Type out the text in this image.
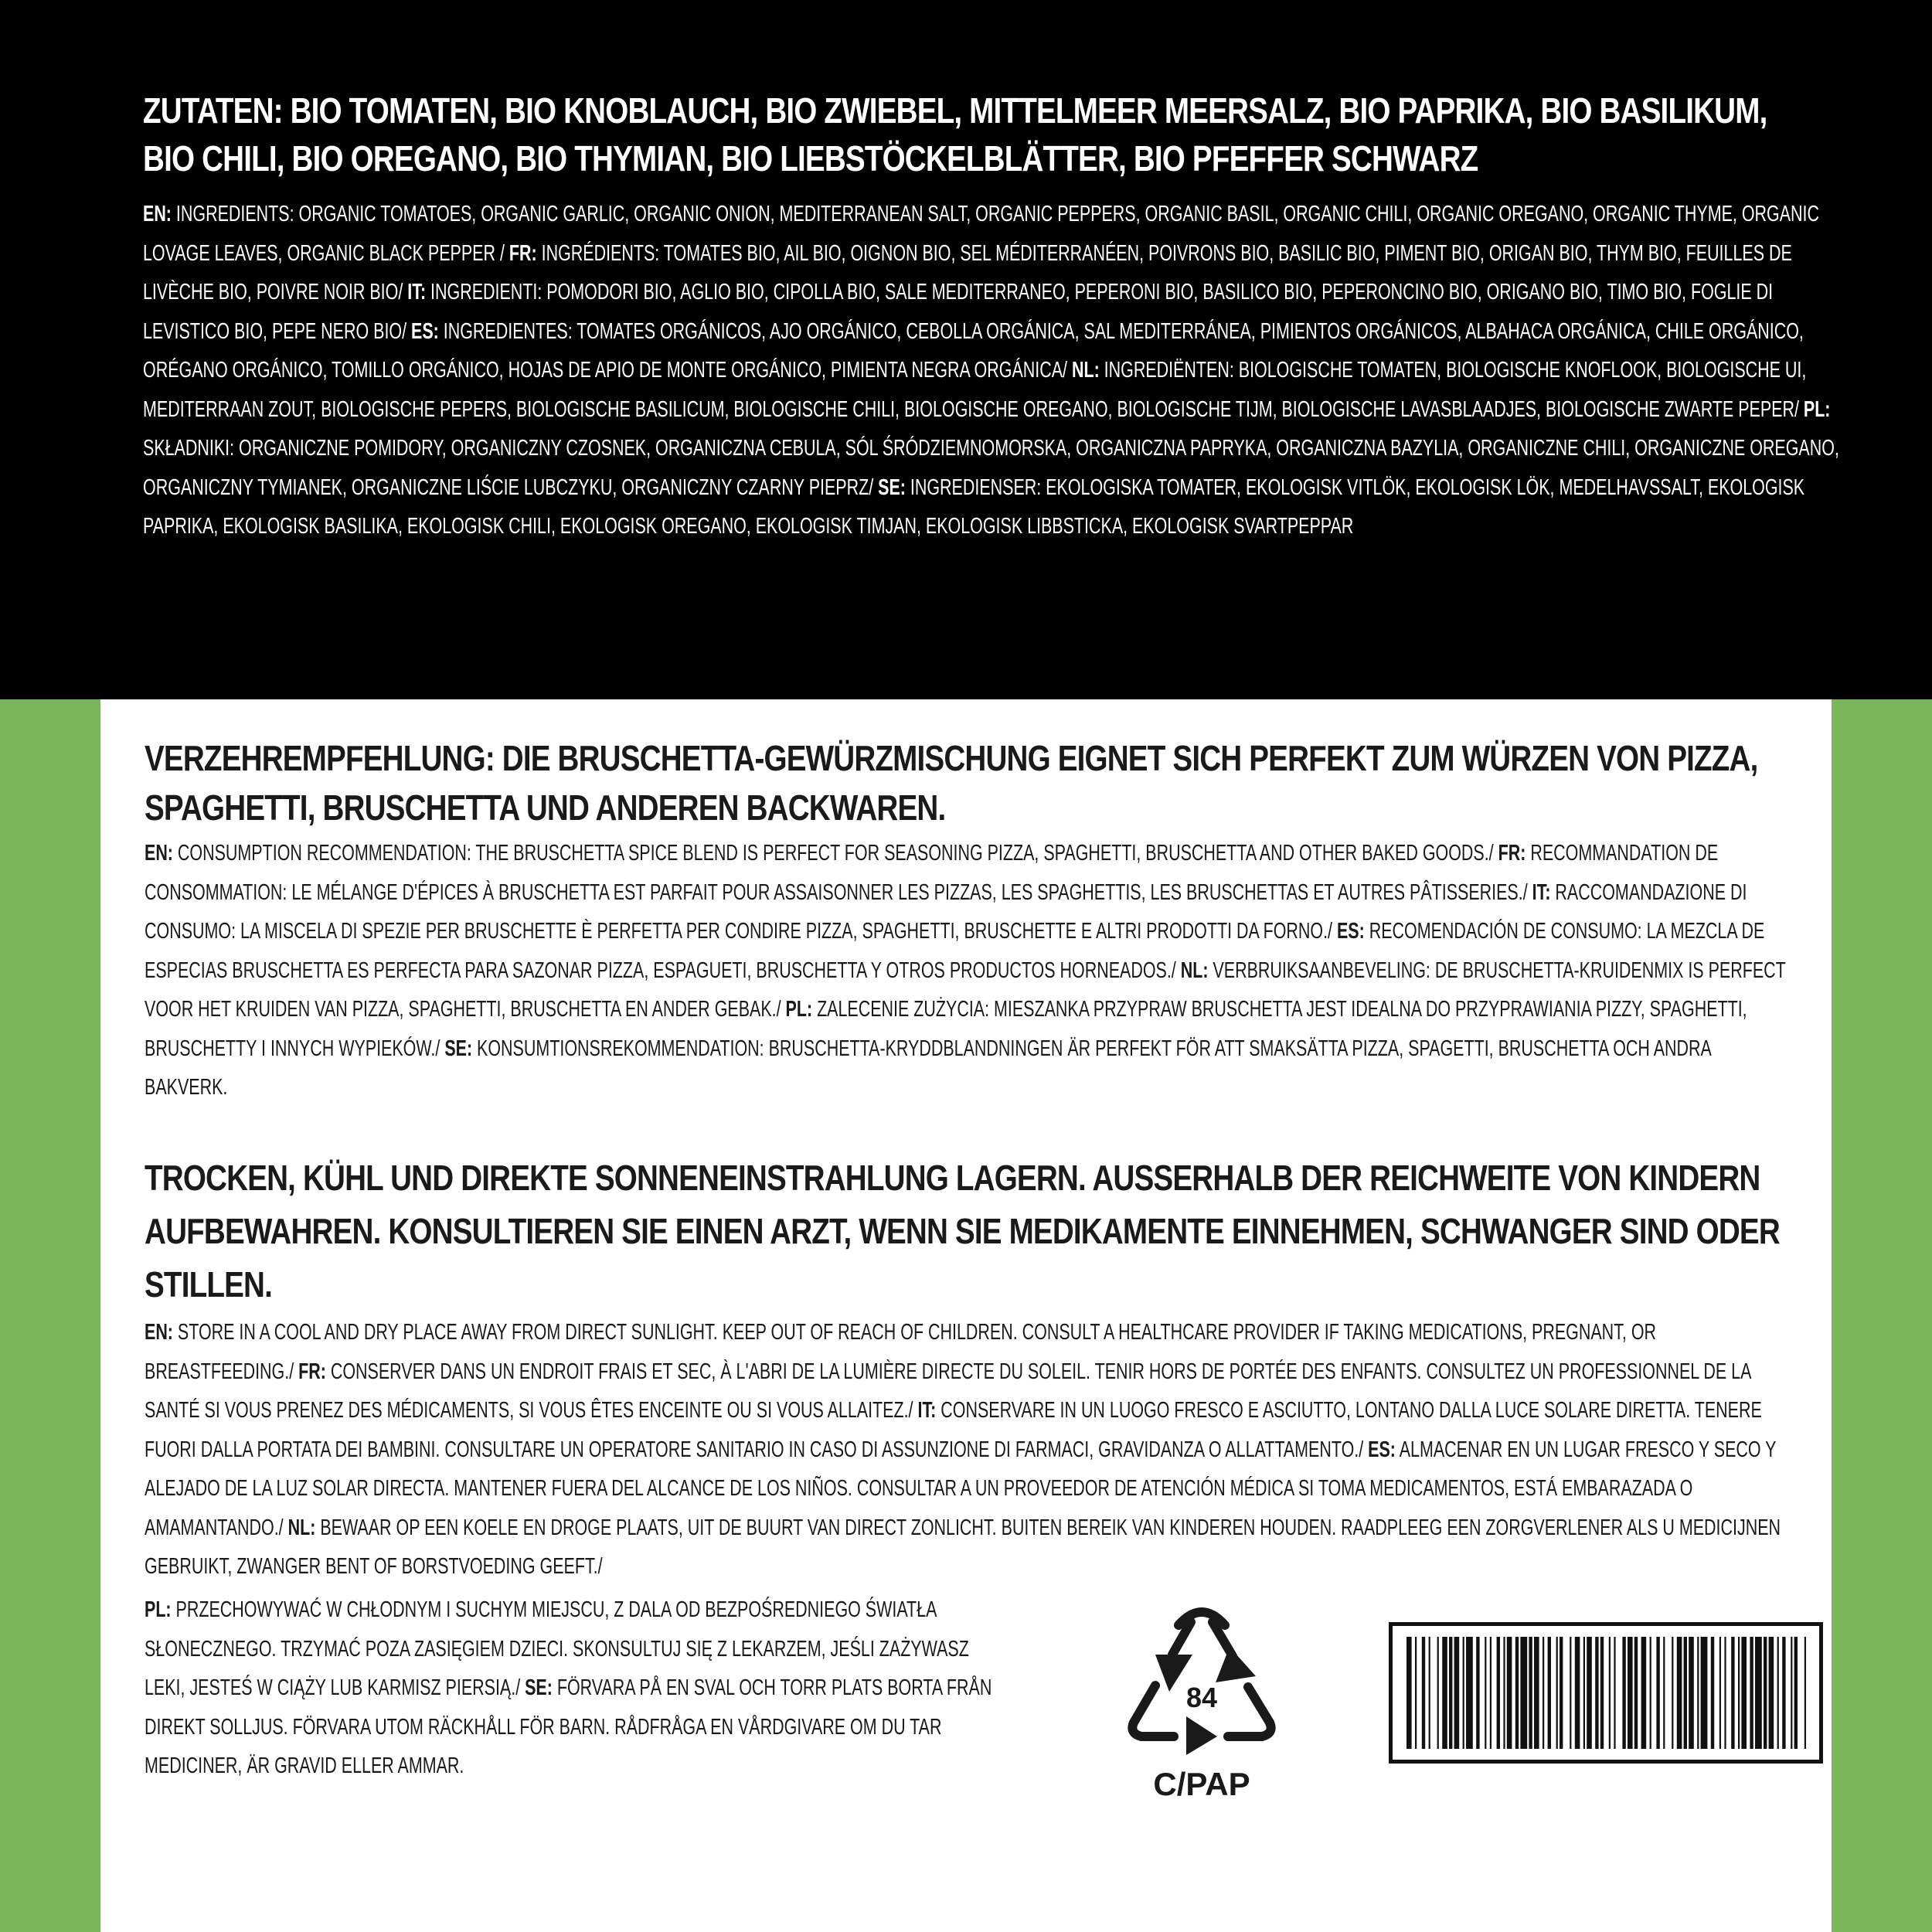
ZUTATEN: BIO TOMATEN, BIO KNOBLAUCH, BIO ZWIEBEL, MITTELMEER MEERSALZ, BIO PAPRIKA, BIO BASILIKUM, BIO CHILI, BIO OREGANO, BIO THYMIAN, BIO LIEBSTÖCKELBLÄTTER, BIO PFEFFER SCHWARZ
EN: INGREDIENTS: ORGANIC TOMATOES, ORGANIC GARLIC, ORGANIC ONION, MEDITERRANEAN SALT, ORGANIC PEPPERS, ORGANIC BASIL, ORGANIC CHILI, ORGANIC OREGANO, ORGANIC THYME, ORGANIC LOVAGE LEAVES, ORGANIC BLACK PEPPER / FR: INGRÉDIENTS: TOMATES BIO, AIL BIO, OIGNON BIO, SEL MÉDITERRANÉEN, POIVRONS BIO, BASILIC BIO, PIMENT BIO, ORIGAN BIO, THYM BIO, FEUILLES DE LIVÈCHE BIO, POIVRE NOIR BIO/ IT: INGREDIENTI: POMODORI BIO, AGLIO BIO, CIPOLLA BIO, SALE MEDITERRANEO, PEPERONI BIO, BASILICO BIO, PEPERONCINO BIO, ORIGANO BIO, TIMO BIO, FOGLIE DI LEVISTICO BIO, PEPE NERO BIO/ ES: INGREDIENTES: TOMATES ORGÁNICOS, AJO ORGÁNICO, CEBOLLA ORGÁNICA, SAL MEDITERRÁNEA, PIMIENTOS ORGÁNICOS, ALBAHACA ORGÁNICA, CHILE ORGÁNICO, ORÉGANO ORGÁNICO, TOMILLO ORGÁNICO, HOJAS DE APIO DE MONTE ORGÁNICO, PIMIENTA NEGRA ORGÁNICA/ NL: INGREDIËNTEN: BIOLOGISCHE TOMATEN, BIOLOGISCHE KNOFLOOK, BIOLOGISCHE UI, MEDITERRAAN ZOUT, BIOLOGISCHE PEPERS, BIOLOGISCHE BASILICUM, BIOLOGISCHE CHILI, BIOLOGISCHE OREGANO, BIOLOGISCHE TIJM, BIOLOGISCHE LAVASBLAADJES, BIOLOGISCHE ZWARTE PEPER/ PL: SKŁADNIKI: ORGANICZNE POMIDORY, ORGANICZNY CZOSNEK, ORGANICZNA CEBULA, SÓL ŚRÓDZIEMNOMORSKA, ORGANICZNA PAPRYKA, ORGANICZNA BAZYLIA, ORGANICZNE CHILI, ORGANICZNE OREGANO, ORGANICZNY TYMIANEK, ORGANICZNE LIŚCIE LUBCZYKU, ORGANICZNY CZARNY PIEPRZ/ SE: INGREDIENSER: EKOLOGISKA TOMATER, EKOLOGISK VITLÖK, EKOLOGISK LÖK, MEDELHAVSSALT, EKOLOGISK PAPRIKA, EKOLOGISK BASILIKA, EKOLOGISK CHILI, EKOLOGISK OREGANO, EKOLOGISK TIMJAN, EKOLOGISK LIBBSTICKA, EKOLOGISK SVARTPEPPAR
VERZEHREMPFEHLUNG: DIE BRUSCHETTA-GEWÜRZMISCHUNG EIGNET SICH PERFEKT ZUM WÜRZEN VON PIZZA, SPAGHETTI, BRUSCHETTA UND ANDEREN BACKWAREN.
EN: CONSUMPTION RECOMMENDATION: THE BRUSCHETTA SPICE BLEND IS PERFECT FOR SEASONING PIZZA, SPAGHETTI, BRUSCHETTA AND OTHER BAKED GOODS./ FR: RECOMMANDATION DE CONSOMMATION: LE MÉLANGE D'ÉPICES À BRUSCHETTA EST PARFAIT POUR ASSAISONNER LES PIZZAS, LES SPAGHETTIS, LES BRUSCHETTAS ET AUTRES PÂTISSERIES./ IT: RACCOMANDAZIONE DI CONSUMO: LA MISCELA DI SPEZIE PER BRUSCHETTE È PERFETTA PER CONDIRE PIZZA, SPAGHETTI, BRUSCHETTE E ALTRI PRODOTTI DA FORNO./ ES: RECOMENDACIÓN DE CONSUMO: LA MEZCLA DE ESPECIAS BRUSCHETTA ES PERFECTA PARA SAZONAR PIZZA, ESPAGUETI, BRUSCHETTA Y OTROS PRODUCTOS HORNEADOS./ NL: VERBRUIKSAANBEVELING: DE BRUSCHETTA-KRUIDENMIX IS PERFECT VOOR HET KRUIDEN VAN PIZZA, SPAGHETTI, BRUSCHETTA EN ANDER GEBAK./ PL: ZALECENIE ZUŻYCIA: MIESZANKA PRZYPRAW BRUSCHETTA JEST IDEALNA DO PRZYPRAWIANIA PIZZY, SPAGHETTI, BRUSCHETTY I INNYCH WYPIEKÓW./ SE: KONSUMTIONSREKOMMENDATION: BRUSCHETTA-KRYDDBLANDNINGEN ÄR PERFEKT FÖR ATT SMAKSÄTTA PIZZA, SPAGETTI, BRUSCHETTA OCH ANDRA BAKVERK.
TROCKEN, KÜHL UND DIREKTE SONNENEINSTRAHLUNG LAGERN. AUSSERHALB DER REICHWEITE VON KINDERN AUFBEWAHREN. KONSULTIEREN SIE EINEN ARZT, WENN SIE MEDIKAMENTE EINNEHMEN, SCHWANGER SIND ODER STILLEN.
EN: STORE IN A COOL AND DRY PLACE AWAY FROM DIRECT SUNLIGHT. KEEP OUT OF REACH OF CHILDREN. CONSULT A HEALTHCARE PROVIDER IF TAKING MEDICATIONS, PREGNANT, OR BREASTFEEDING./ FR: CONSERVER DANS UN ENDROIT FRAIS ET SEC, À L'ABRI DE LA LUMIÈRE DIRECTE DU SOLEIL. TENIR HORS DE PORTÉE DES ENFANTS. CONSULTEZ UN PROFESSIONNEL DE LA SANTÉ SI VOUS PRENEZ DES MÉDICAMENTS, SI VOUS ÊTES ENCEINTE OU SI VOUS ALLAITEZ./ IT: CONSERVARE IN UN LUOGO FRESCO E ASCIUTTO, LONTANO DALLA LUCE SOLARE DIRETTA. TENERE FUORI DALLA PORTATA DEI BAMBINI. CONSULTARE UN OPERATORE SANITARIO IN CASO DI ASSUNZIONE DI FARMACI, GRAVIDANZA O ALLATTAMENTO./ ES: ALMACENAR EN UN LUGAR FRESCO Y SECO Y ALEJADO DE LA LUZ SOLAR DIRECTA. MANTENER FUERA DEL ALCANCE DE LOS NIÑOS. CONSULTAR A UN PROVEEDOR DE ATENCIÓN MÉDICA SI TOMA MEDICAMENTOS, ESTÁ EMBARAZADA O AMAMANTANDO./ NL: BEWAAR OP EEN KOELE EN DROGE PLAATS, UIT DE BUURT VAN DIRECT ZONLICHT. BUITEN BEREIK VAN KINDEREN HOUDEN. RAADPLEEG EEN ZORGVERLENER ALS U MEDICIJNEN GEBRUIKT, ZWANGER BENT OF BORSTVOEDING GEEFT./
PL: PRZECHOWYWAĆ W CHŁODNYM I SUCHYM MIEJSCU, Z DALA OD BEZPOŚREDNIEGO ŚWIATŁA SŁONECZNEGO. TRZYMAĆ POZA ZASIĘGIEM DZIECI. SKONSULTUJ SIĘ Z LEKARZEM, JEŚLI ZAŻYWASZ LEKI, JESTEŚ W CIĄŻY LUB KARMISZ PIERSIĄ./ SE: FÖRVARA PÅ EN SVAL OCH TORR PLATS BORTA FRÅN DIREKT SOLLJUS. FÖRVARA UTOM RÄCKHÅLL FÖR BARN. RÅDFRÅGA EN VÅRDGIVARE OM DU TAR MEDICINER, ÄR GRAVID ELLER AMMAR.
84
C/PAP
